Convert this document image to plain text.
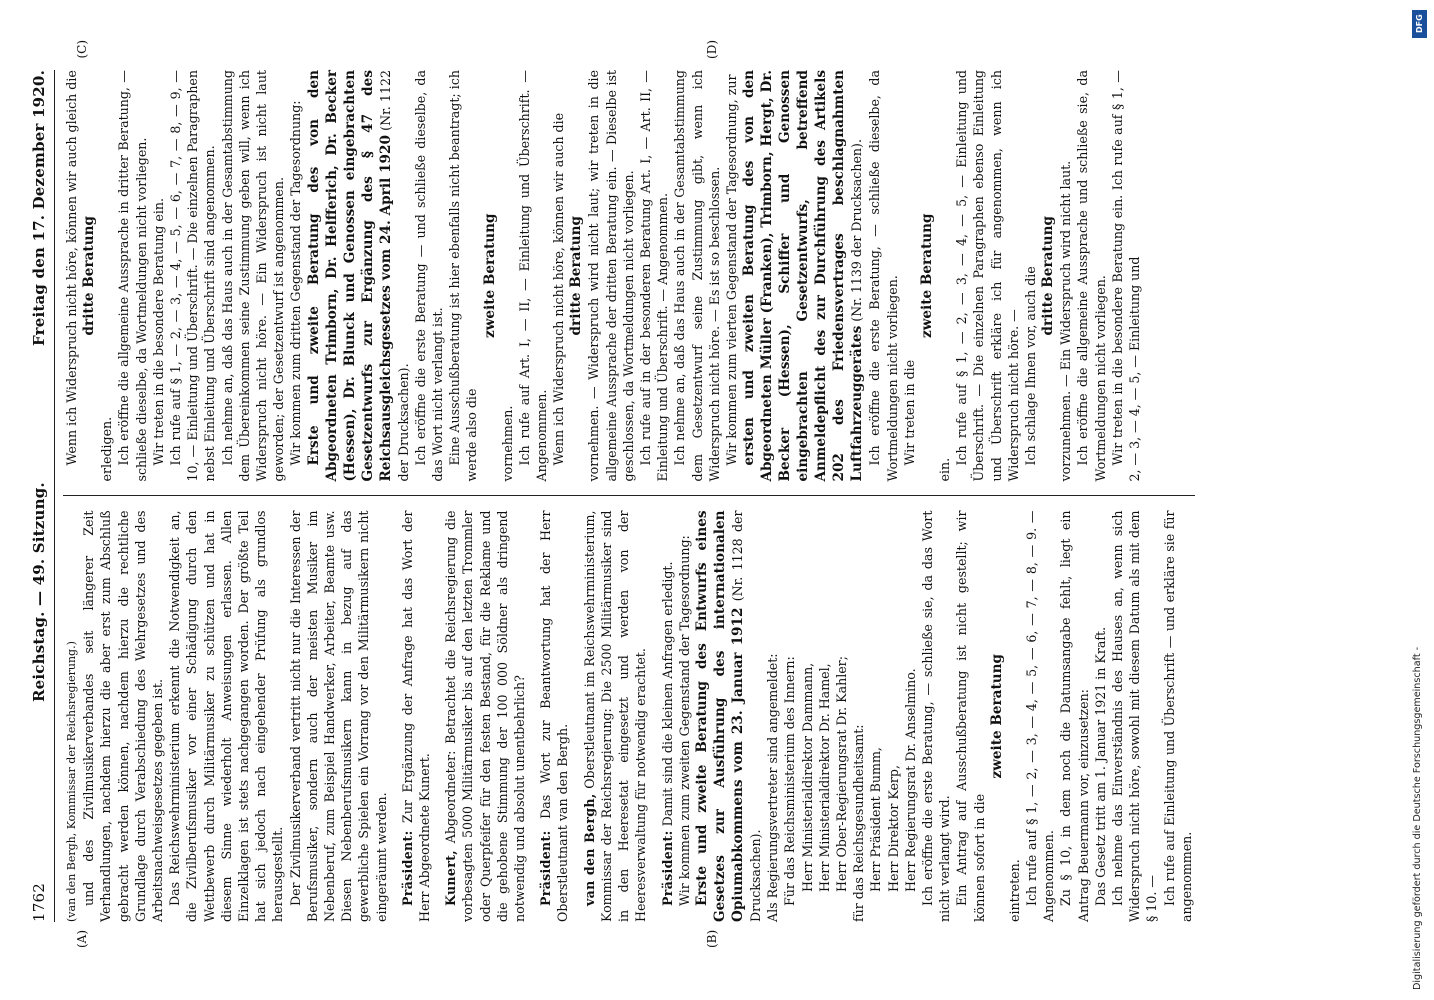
1762
Reichstag. — 49. Sitzung.
Freitag den 17. Dezember 1920.

(van den Bergh, Kommissar der Reichsregierung.) und des Zivilmusikerverbandes seit längerer Zeit Verhandlungen, nachdem hierzu die aber erst zum Abschluß gebracht werden können, nachdem hierzu die rechtliche Grundlage durch Verabschiedung des Wehrgesetzes und des Arbeitsnachweisgesetzes gegeben ist. Das Reichswehrministerium erkennt die Notwendigkeit an, die Zivilberufsmusiker vor einer Schädigung durch den Wettbewerb durch Militärmusiker zu schützen und hat in diesem Sinne wiederholt Anweisungen erlassen. Allen Einzelklagen ist stets nachgegangen worden. Der größte Teil hat sich jedoch nach eingehender Prüfung als grundlos herausgestellt. Der Zivilmusikerverband vertritt nicht nur die Interessen der Berufsmusiker, sondern auch der meisten Musiker im Nebenberuf, zum Beispiel Handwerker, Arbeiter, Beamte usw. Diesen Nebenberufsmusikern kann in bezug auf das gewerbliche Spielen ein Vorrang vor den Militärmusikern nicht eingeräumt werden. Präsident: Zur Ergänzung der Anfrage hat das Wort der Herr Abgeordnete Kunert. Kunert, Abgeordneter: Betrachtet die Reichsregierung die vorbesagten 5000 Militärmusiker bis auf den letzten Trommler oder Querpfeifer für den festen Bestand, für die Reklame und die gehobene Stimmung der 100 000 Söldner als dringend notwendig und absolut unentbehrlich? Präsident: Das Wort zur Beantwortung hat der Herr Oberstleutnant van den Bergh. van den Bergh, Oberstleutnant im Reichswehrministerium, Kommissar der Reichsregierung: Die 2500 Militärmusiker sind in den Heeresetat eingesetzt und werden von der Heeresverwaltung für notwendig erachtet. Präsident: Damit sind die kleinen Anfragen erledigt. Wir kommen zum zweiten Gegenstand der Tagesordnung: Erste und zweite Beratung des Entwurfs eines Gesetzes zur Ausführung des internationalen Opiumabkommens vom 23. Januar 1912 (Nr. 1128 der Drucksachen). Als Regierungsvertreter sind angemeldet: Für das Reichsministerium des Innern: Herr Ministerialdirektor Dammann, Herr Ministerialdirektor Dr. Hamel, Herr Ober-Regierungsrat Dr. Kahler; für das Reichsgesundheitsamt: Herr Präsident Bumm, Herr Direktor Kerp, Herr Regierungsrat Dr. Anselmino. Ich eröffne die erste Beratung, — schließe sie, da das Wort nicht verlangt wird. Ein Antrag auf Ausschußberatung ist nicht gestellt; wir können sofort in die

zweite Beratung

eintreten. Ich rufe auf § 1, — 2, — 3, — 4, — 5, — 6, — 7, — 8, — 9. — Angenommen. Zu § 10, in dem noch die Datumsangabe fehlt, liegt ein Antrag Beuermann vor, einzusetzen: Das Gesetz tritt am 1. Januar 1921 in Kraft. Ich nehme das Einverständnis des Hauses an, wenn sich Widerspruch nicht höre, sowohl mit diesem Datum als mit dem § 10. — Ich rufe auf Einleitung und Überschrift — und erkläre sie für angenommen.

Wenn ich Widerspruch nicht höre, können wir auch gleich die dritte Beratung

erledigen. Ich eröffne die allgemeine Aussprache in dritter Beratung, — schließe dieselbe, da Wortmeldungen nicht vorliegen. Wir treten in die besondere Beratung ein. Ich rufe auf § 1, — 2, — 3, — 4, — 5, — 6, — 7, — 8, — 9, — 10, — Einleitung und Überschrift. — Die einzelnen Paragraphen nebst Einleitung und Überschrift sind angenommen. Ich nehme an, daß das Haus auch in der Gesamtabstimmung dem Übereinkommen seine Zustimmung geben will, wenn ich Widerspruch nicht höre. — Ein Widerspruch ist nicht laut geworden; der Gesetzentwurf ist angenommen. Wir kommen zum dritten Gegenstand der Tagesordnung: Erste und zweite Beratung des von den Abgeordneten Trimborn, Dr. Helfferich, Dr. Becker (Hessen), Dr. Blunck und Genossen eingebrachten Gesetzentwurfs zur Ergänzung des § 47 des Reichsausgleichsgesetzes vom 24. April 1920 (Nr. 1122 der Drucksachen). Ich eröffne die erste Beratung — und schließe dieselbe, da das Wort nicht verlangt ist. Eine Ausschußberatung ist hier ebenfalls nicht beantragt; ich werde also die

zweite Beratung

vornehmen. Ich rufe auf Art. I, — II, — Einleitung und Überschrift. — Angenommen. Wenn ich Widerspruch nicht höre, können wir auch die dritte Beratung vornehmen. — Widerspruch wird nicht laut; wir treten in die allgemeine Aussprache der dritten Beratung ein. — Dieselbe ist geschlossen, da Wortmeldungen nicht vorliegen. Ich rufe auf in der besonderen Beratung Art. I, — Art. II, — Einleitung und Überschrift. — Angenommen. Ich nehme an, daß das Haus auch in der Gesamtabstimmung dem Gesetzentwurf seine Zustimmung gibt, wenn ich Widerspruch nicht höre. — Es ist so beschlossen. Wir kommen zum vierten Gegenstand der Tagesordnung, zur ersten und zweiten Beratung des von den Abgeordneten Müller (Franken), Trimborn, Hergt, Dr. Becker (Hessen), Schiffer und Genossen eingebrachten Gesetzentwurfs, betreffend Anmeldepflicht des zur Durchführung des Artikels 202 des Friedensvertrages beschlagnahmten Luftfahrzeuggerätes (Nr. 1139 der Drucksachen). Ich eröffne die erste Beratung, — schließe dieselbe, da Wortmeldungen nicht vorliegen. Wir treten in die

zweite Beratung

ein.

Ich rufe auf § 1, — 2, — 3, — 4, — 5, — Einleitung und Überschrift. — Die einzelnen Paragraphen ebenso Einleitung und Überschrift erkläre ich für angenommen, wenn ich Widerspruch nicht höre. — Ich schlage Ihnen vor, auch die dritte Beratung vorzunehmen. — Ein Widerspruch wird nicht laut. Ich eröffne die allgemeine Aussprache und schließe sie, da Wortmeldungen nicht vorliegen. Wir treten in die besondere Beratung ein. Ich rufe auf § 1, — 2, — 3, — 4, — 5, — Einleitung und

(A)	(B)
(C)	(D)
DFG
Digitalisierung gefördert durch die Deutsche Forschungsgemeinschaft -
